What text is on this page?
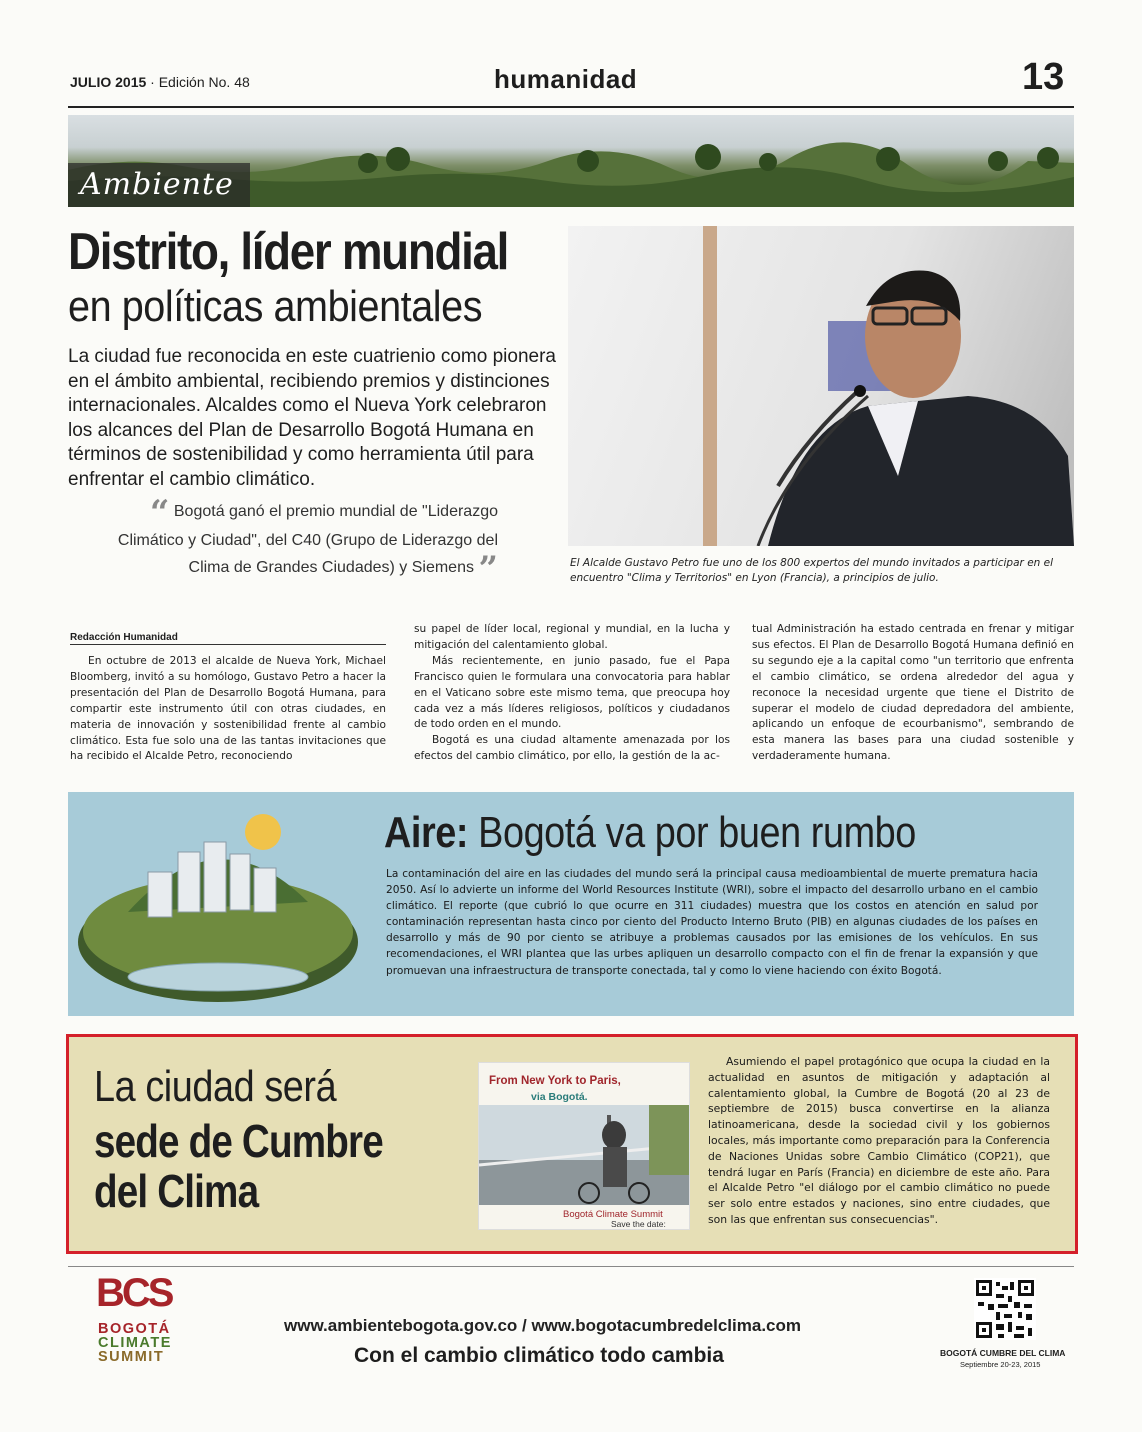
JULIO 2015 · Edición No. 48	humanidad	13
Ambiente
Distrito, líder mundial
en políticas ambientales
La ciudad fue reconocida en este cuatrienio como pionera en el ámbito ambiental, recibiendo premios y distinciones internacionales. Alcaldes como el Nueva York celebraron los alcances del Plan de Desarrollo Bogotá Humana en términos de sostenibilidad y como herramienta útil para enfrentar el cambio climático.
“ Bogotá ganó el premio mundial de "Liderazgo Climático y Ciudad", del C40 (Grupo de Liderazgo del Clima de Grandes Ciudades) y Siemens ”	El Alcalde Gustavo Petro fue uno de los 800 expertos del mundo invitados a participar en el encuentro "Clima y Territorios" en Lyon (Francia), a principios de julio.
Redacción Humanidad

En octubre de 2013 el alcalde de Nueva York, Michael Bloomberg, invitó a su homólogo, Gustavo Petro a hacer la presentación del Plan de Desarrollo Bogotá Humana, para compartir este instrumento útil con otras ciudades, en materia de innovación y sostenibilidad frente al cambio climático. Esta fue solo una de las tantas invitaciones que ha recibido el Alcalde Petro, reconociendo

su papel de líder local, regional y mundial, en la lucha y mitigación del calentamiento global.

Más recientemente, en junio pasado, fue el Papa Francisco quien le formulara una convocatoria para hablar en el Vaticano sobre este mismo tema, que preocupa hoy cada vez a más líderes religiosos, políticos y ciudadanos de todo orden en el mundo.

Bogotá es una ciudad altamente amenazada por los efectos del cambio climático, por ello, la gestión de la ac-

tual Administración ha estado centrada en frenar y mitigar sus efectos. El Plan de Desarrollo Bogotá Humana definió en su segundo eje a la capital como "un territorio que enfrenta el cambio climático, se ordena alrededor del agua y reconoce la necesidad urgente que tiene el Distrito de superar el modelo de ciudad depredadora del ambiente, aplicando un enfoque de ecourbanismo", sembrando de esta manera las bases para una ciudad sostenible y verdaderamente humana.

Aire: Bogotá va por buen rumbo
La contaminación del aire en las ciudades del mundo será la principal causa medioambiental de muerte prematura hacia 2050. Así lo advierte un informe del World Resources Institute (WRI), sobre el impacto del desarrollo urbano en el cambio climático. El reporte (que cubrió lo que ocurre en 311 ciudades) muestra que los costos en atención en salud por contaminación representan hasta cinco por ciento del Producto Interno Bruto (PIB) en algunas ciudades de los países en desarrollo y más de 90 por ciento se atribuye a problemas causados por las emisiones de los vehículos. En sus recomendaciones, el WRI plantea que las urbes apliquen un desarrollo compacto con el fin de frenar la expansión y que promuevan una infraestructura de transporte conectada, tal y como lo viene haciendo con éxito Bogotá.
La ciudad será
sede de Cumbre
del Clima
From New York to Paris,
via Bogotá.
Bogotá Climate Summit
Save the date:

Asumiendo el papel protagónico que ocupa la ciudad en la actualidad en asuntos de mitigación y adaptación al calentamiento global, la Cumbre de Bogotá (20 al 23 de septiembre de 2015) busca convertirse en la alianza latinoamericana, desde la sociedad civil y los gobiernos locales, más importante como preparación para la Conferencia de Naciones Unidas sobre Cambio Climático (COP21), que tendrá lugar en París (Francia) en diciembre de este año. Para el Alcalde Petro "el diálogo por el cambio climático no puede ser solo entre estados y naciones, sino entre ciudades, que son las que enfrentan sus consecuencias".

BCS
BOGOTÁ
CLIMATE
SUMMIT
www.ambientebogota.gov.co / www.bogotacumbredelclima.com
Con el cambio climático todo cambia	BOGOTÁ CUMBRE DEL CLIMA
Septiembre 20-23, 2015
